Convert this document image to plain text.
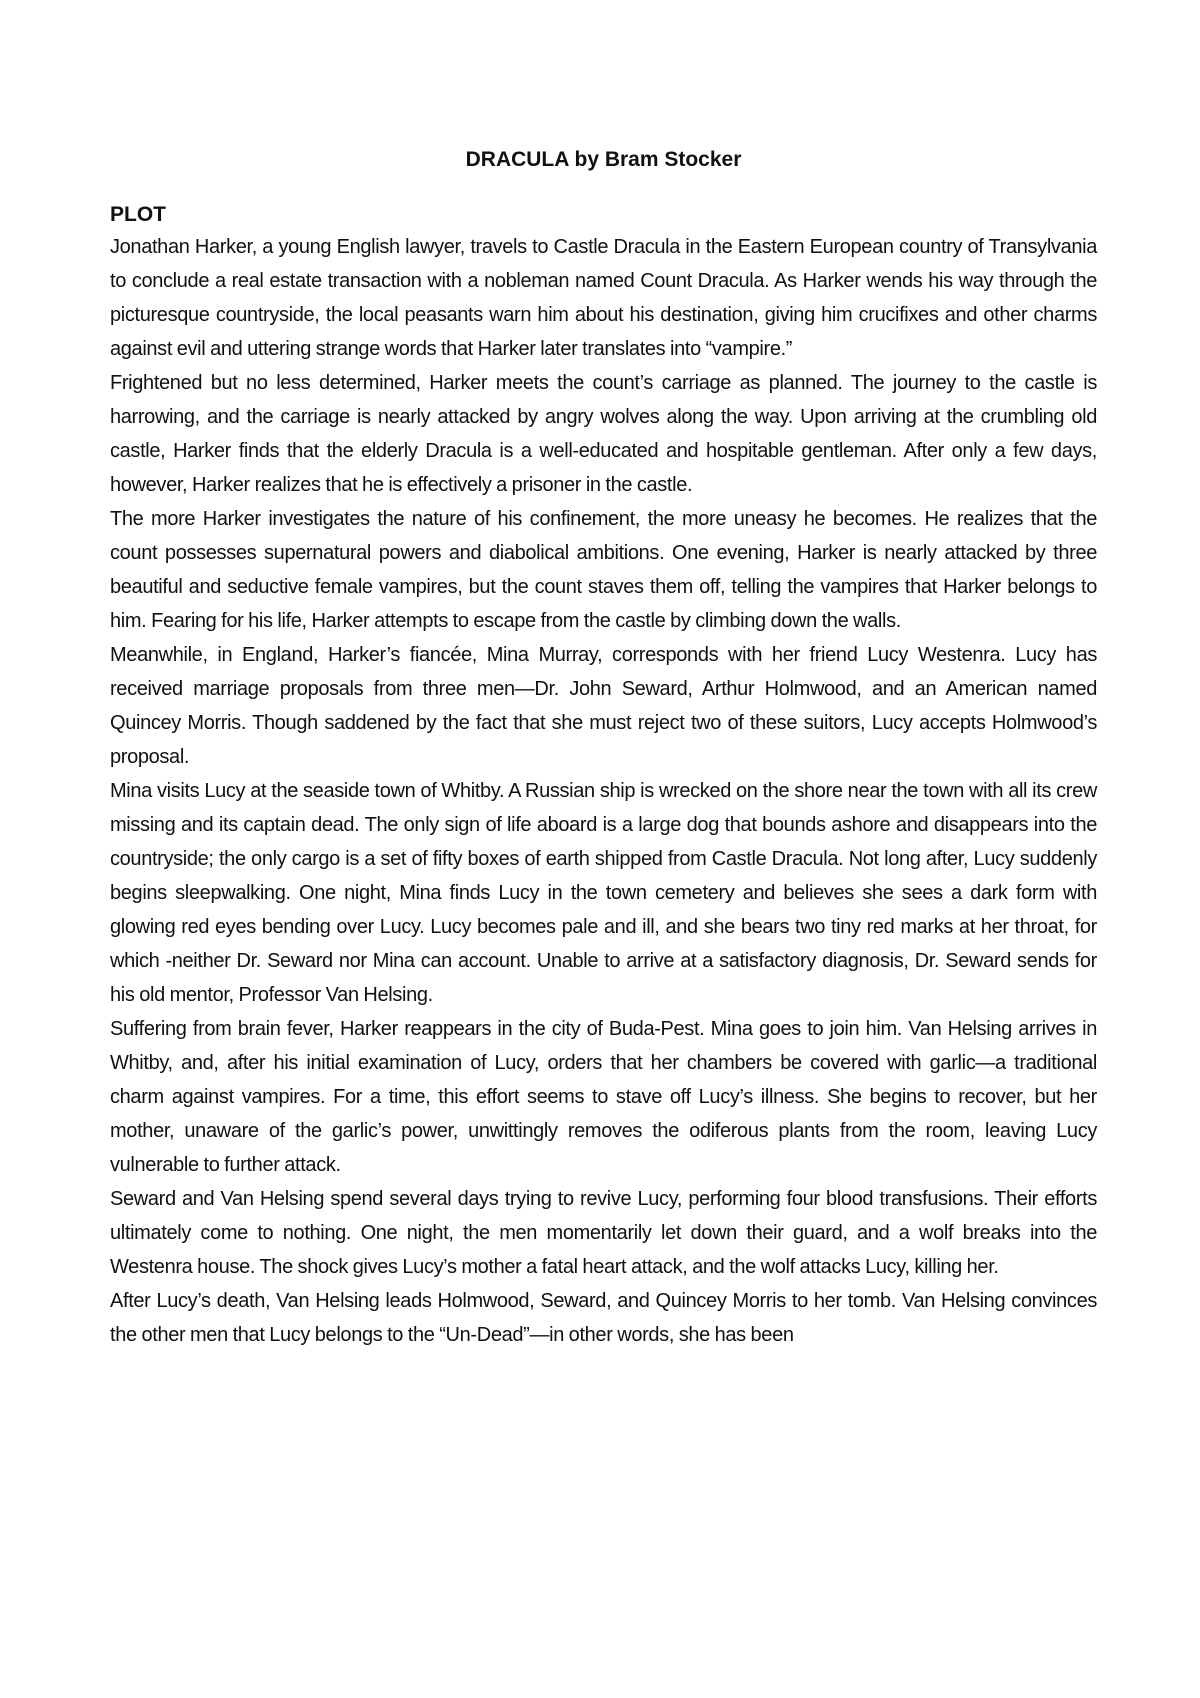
DRACULA by Bram Stocker
PLOT

Jonathan Harker, a young English lawyer, travels to Castle Dracula in the Eastern European country of Transylvania to conclude a real estate transaction with a nobleman named Count Dracula. As Harker wends his way through the picturesque countryside, the local peasants warn him about his destination, giving him crucifixes and other charms against evil and uttering strange words that Harker later translates into “vampire.”

Frightened but no less determined, Harker meets the count’s carriage as planned. The journey to the castle is harrowing, and the carriage is nearly attacked by angry wolves along the way. Upon arriving at the crumbling old castle, Harker finds that the elderly Dracula is a well-educated and hospitable gentleman. After only a few days, however, Harker realizes that he is effectively a prisoner in the castle.

The more Harker investigates the nature of his confinement, the more uneasy he becomes. He realizes that the count possesses supernatural powers and diabolical ambitions. One evening, Harker is nearly attacked by three beautiful and seductive female vampires, but the count staves them off, telling the vampires that Harker belongs to him. Fearing for his life, Harker attempts to escape from the castle by climbing down the walls.

Meanwhile, in England, Harker’s fiancée, Mina Murray, corresponds with her friend Lucy Westenra. Lucy has received marriage proposals from three men—Dr. John Seward, Arthur Holmwood, and an American named Quincey Morris. Though saddened by the fact that she must reject two of these suitors, Lucy accepts Holmwood’s proposal.

Mina visits Lucy at the seaside town of Whitby. A Russian ship is wrecked on the shore near the town with all its crew missing and its captain dead. The only sign of life aboard is a large dog that bounds ashore and disappears into the countryside; the only cargo is a set of fifty boxes of earth shipped from Castle Dracula. Not long after, Lucy suddenly begins sleepwalking. One night, Mina finds Lucy in the town cemetery and believes she sees a dark form with glowing red eyes bending over Lucy. Lucy becomes pale and ill, and she bears two tiny red marks at her throat, for which -neither Dr. Seward nor Mina can account. Unable to arrive at a satisfactory diagnosis, Dr. Seward sends for his old mentor, Professor Van Helsing.

Suffering from brain fever, Harker reappears in the city of Buda-Pest. Mina goes to join him. Van Helsing arrives in Whitby, and, after his initial examination of Lucy, orders that her chambers be covered with garlic—a traditional charm against vampires. For a time, this effort seems to stave off Lucy’s illness. She begins to recover, but her mother, unaware of the garlic’s power, unwittingly removes the odiferous plants from the room, leaving Lucy vulnerable to further attack.

Seward and Van Helsing spend several days trying to revive Lucy, performing four blood transfusions. Their efforts ultimately come to nothing. One night, the men momentarily let down their guard, and a wolf breaks into the Westenra house. The shock gives Lucy’s mother a fatal heart attack, and the wolf attacks Lucy, killing her.

After Lucy’s death, Van Helsing leads Holmwood, Seward, and Quincey Morris to her tomb. Van Helsing convinces the other men that Lucy belongs to the “Un-Dead”—in other words, she has been
